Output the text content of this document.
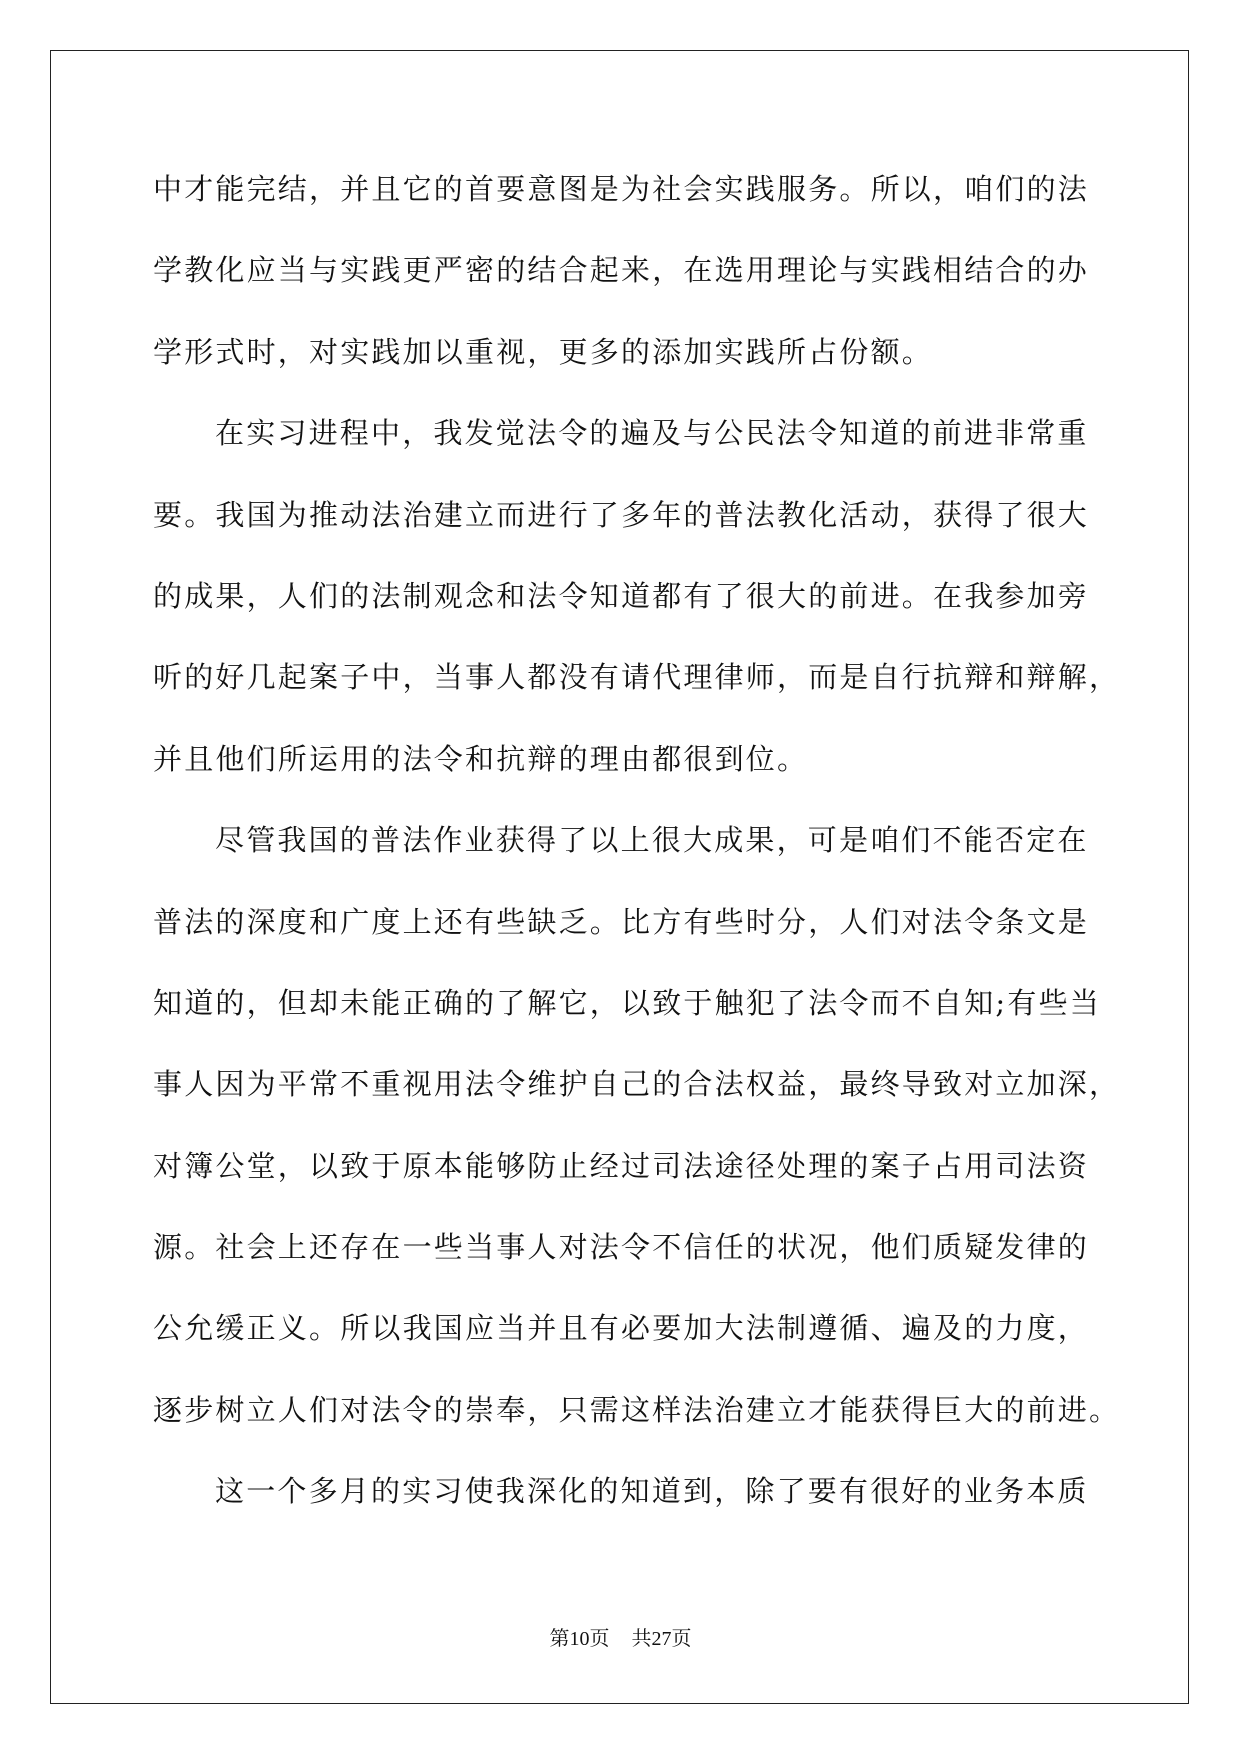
中才能完结，并且它的首要意图是为社会实践服务。所以，咱们的法
学教化应当与实践更严密的结合起来，在选用理论与实践相结合的办
学形式时，对实践加以重视，更多的添加实践所占份额。
在实习进程中，我发觉法令的遍及与公民法令知道的前进非常重
要。我国为推动法治建立而进行了多年的普法教化活动，获得了很大
的成果，人们的法制观念和法令知道都有了很大的前进。在我参加旁
听的好几起案子中，当事人都没有请代理律师，而是自行抗辩和辩解，
并且他们所运用的法令和抗辩的理由都很到位。
尽管我国的普法作业获得了以上很大成果，可是咱们不能否定在
普法的深度和广度上还有些缺乏。比方有些时分，人们对法令条文是
知道的，但却未能正确的了解它，以致于触犯了法令而不自知;有些当
事人因为平常不重视用法令维护自己的合法权益，最终导致对立加深，
对簿公堂，以致于原本能够防止经过司法途径处理的案子占用司法资
源。社会上还存在一些当事人对法令不信任的状况，他们质疑发律的
公允缓正义。所以我国应当并且有必要加大法制遵循、遍及的力度，
逐步树立人们对法令的崇奉，只需这样法治建立才能获得巨大的前进。
这一个多月的实习使我深化的知道到，除了要有很好的业务本质
第10页 共27页
